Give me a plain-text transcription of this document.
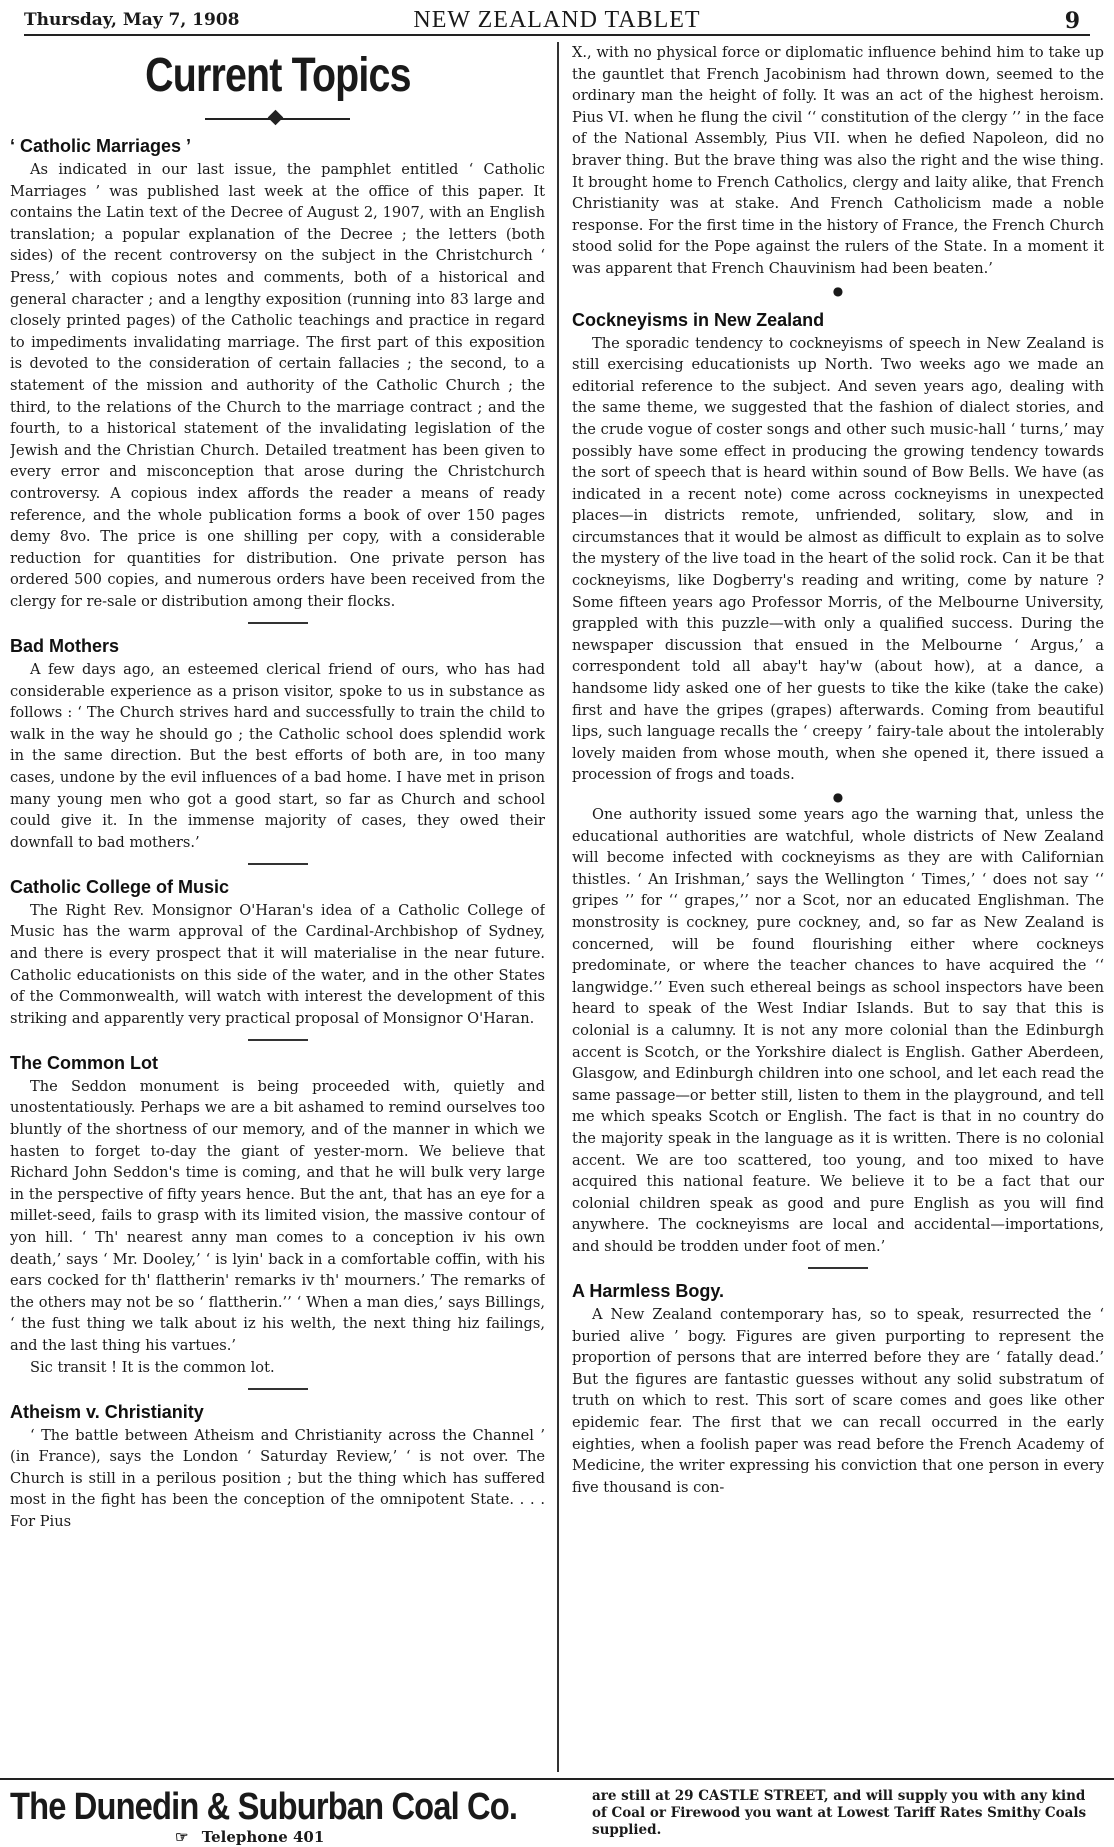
Thursday, May 7, 1908	NEW ZEALAND TABLET	9
Current Topics
‘ Catholic Marriages ’

As indicated in our last issue, the pamphlet entitled ‘ Catholic Marriages ’ was published last week at the office of this paper. It contains the Latin text of the Decree of August 2, 1907, with an English translation; a popular explanation of the Decree ; the letters (both sides) of the recent controversy on the subject in the Christchurch ‘ Press,’ with copious notes and comments, both of a historical and general character ; and a lengthy exposition (running into 83 large and closely printed pages) of the Catholic teachings and practice in regard to impediments invalidating marriage. The first part of this exposition is devoted to the consideration of certain fallacies ; the second, to a statement of the mission and authority of the Catholic Church ; the third, to the relations of the Church to the marriage contract ; and the fourth, to a historical statement of the invalidating legislation of the Jewish and the Christian Church. Detailed treatment has been given to every error and misconception that arose during the Christchurch controversy. A copious index affords the reader a means of ready reference, and the whole publication forms a book of over 150 pages demy 8vo. The price is one shilling per copy, with a considerable reduction for quantities for distribution. One private person has ordered 500 copies, and numerous orders have been received from the clergy for re-sale or distribution among their flocks.

Bad Mothers

A few days ago, an esteemed clerical friend of ours, who has had considerable experience as a prison visitor, spoke to us in substance as follows : ‘ The Church strives hard and successfully to train the child to walk in the way he should go ; the Catholic school does splendid work in the same direction. But the best efforts of both are, in too many cases, undone by the evil influences of a bad home. I have met in prison many young men who got a good start, so far as Church and school could give it. In the immense majority of cases, they owed their downfall to bad mothers.’

Catholic College of Music

The Right Rev. Monsignor O'Haran's idea of a Catholic College of Music has the warm approval of the Cardinal-Archbishop of Sydney, and there is every prospect that it will materialise in the near future. Catholic educationists on this side of the water, and in the other States of the Commonwealth, will watch with interest the development of this striking and apparently very practical proposal of Monsignor O'Haran.

The Common Lot

The Seddon monument is being proceeded with, quietly and unostentatiously. Perhaps we are a bit ashamed to remind ourselves too bluntly of the shortness of our memory, and of the manner in which we hasten to forget to-day the giant of yester-morn. We believe that Richard John Seddon's time is coming, and that he will bulk very large in the perspective of fifty years hence. But the ant, that has an eye for a millet-seed, fails to grasp with its limited vision, the massive contour of yon hill. ‘ Th' nearest anny man comes to a conception iv his own death,’ says ‘ Mr. Dooley,’ ‘ is lyin' back in a comfortable coffin, with his ears cocked for th' flattherin' remarks iv th' mourners.’ The remarks of the others may not be so ‘ flattherin.’’ ‘ When a man dies,’ says Billings, ‘ the fust thing we talk about iz his welth, the next thing hiz failings, and the last thing his vartues.’

Sic transit ! It is the common lot.

Atheism v. Christianity

‘ The battle between Atheism and Christianity across the Channel ’ (in France), says the London ‘ Saturday Review,’ ‘ is not over. The Church is still in a perilous position ; but the thing which has suffered most in the fight has been the conception of the omnipotent State. . . . For Pius

X., with no physical force or diplomatic influence behind him to take up the gauntlet that French Jacobinism had thrown down, seemed to the ordinary man the height of folly. It was an act of the highest heroism. Pius VI. when he flung the civil ‘‘ constitution of the clergy ’’ in the face of the National Assembly, Pius VII. when he defied Napoleon, did no braver thing. But the brave thing was also the right and the wise thing. It brought home to French Catholics, clergy and laity alike, that French Christianity was at stake. And French Catholicism made a noble response. For the first time in the history of France, the French Church stood solid for the Pope against the rulers of the State. In a moment it was apparent that French Chauvinism had been beaten.’

●
Cockneyisms in New Zealand

The sporadic tendency to cockneyisms of speech in New Zealand is still exercising educationists up North. Two weeks ago we made an editorial reference to the subject. And seven years ago, dealing with the same theme, we suggested that the fashion of dialect stories, and the crude vogue of coster songs and other such music-hall ‘ turns,’ may possibly have some effect in producing the growing tendency towards the sort of speech that is heard within sound of Bow Bells. We have (as indicated in a recent note) come across cockneyisms in unexpected places—in districts remote, unfriended, solitary, slow, and in circumstances that it would be almost as difficult to explain as to solve the mystery of the live toad in the heart of the solid rock. Can it be that cockneyisms, like Dogberry's reading and writing, come by nature ? Some fifteen years ago Professor Morris, of the Melbourne University, grappled with this puzzle—with only a qualified success. During the newspaper discussion that ensued in the Melbourne ‘ Argus,’ a correspondent told all abay't hay'w (about how), at a dance, a handsome lidy asked one of her guests to tike the kike (take the cake) first and have the gripes (grapes) afterwards. Coming from beautiful lips, such language recalls the ‘ creepy ’ fairy-tale about the intolerably lovely maiden from whose mouth, when she opened it, there issued a procession of frogs and toads.

●

One authority issued some years ago the warning that, unless the educational authorities are watchful, whole districts of New Zealand will become infected with cockneyisms as they are with Californian thistles. ‘ An Irishman,’ says the Wellington ‘ Times,’ ‘ does not say ‘‘ gripes ’’ for ‘‘ grapes,’’ nor a Scot, nor an educated Englishman. The monstrosity is cockney, pure cockney, and, so far as New Zealand is concerned, will be found flourishing either where cockneys predominate, or where the teacher chances to have acquired the ‘‘ langwidge.’’ Even such ethereal beings as school inspectors have been heard to speak of the West Indiar Islands. But to say that this is colonial is a calumny. It is not any more colonial than the Edinburgh accent is Scotch, or the Yorkshire dialect is English. Gather Aberdeen, Glasgow, and Edinburgh children into one school, and let each read the same passage—or better still, listen to them in the playground, and tell me which speaks Scotch or English. The fact is that in no country do the majority speak in the language as it is written. There is no colonial accent. We are too scattered, too young, and too mixed to have acquired this national feature. We believe it to be a fact that our colonial children speak as good and pure English as you will find anywhere. The cockneyisms are local and accidental—importations, and should be trodden under foot of men.’

A Harmless Bogy.

A New Zealand contemporary has, so to speak, resurrected the ‘ buried alive ’ bogy. Figures are given purporting to represent the proportion of persons that are interred before they are ‘ fatally dead.’ But the figures are fantastic guesses without any solid substratum of truth on which to rest. This sort of scare comes and goes like other epidemic fear. The first that we can recall occurred in the early eighties, when a foolish paper was read before the French Academy of Medicine, the writer expressing his conviction that one person in every five thousand is con-

The Dunedin & Suburban Coal Co.
☞ Telephone 401
are still at 29 CASTLE STREET, and will supply you with any kind of Coal or Firewood you want at Lowest Tariff Rates Smithy Coals supplied.
